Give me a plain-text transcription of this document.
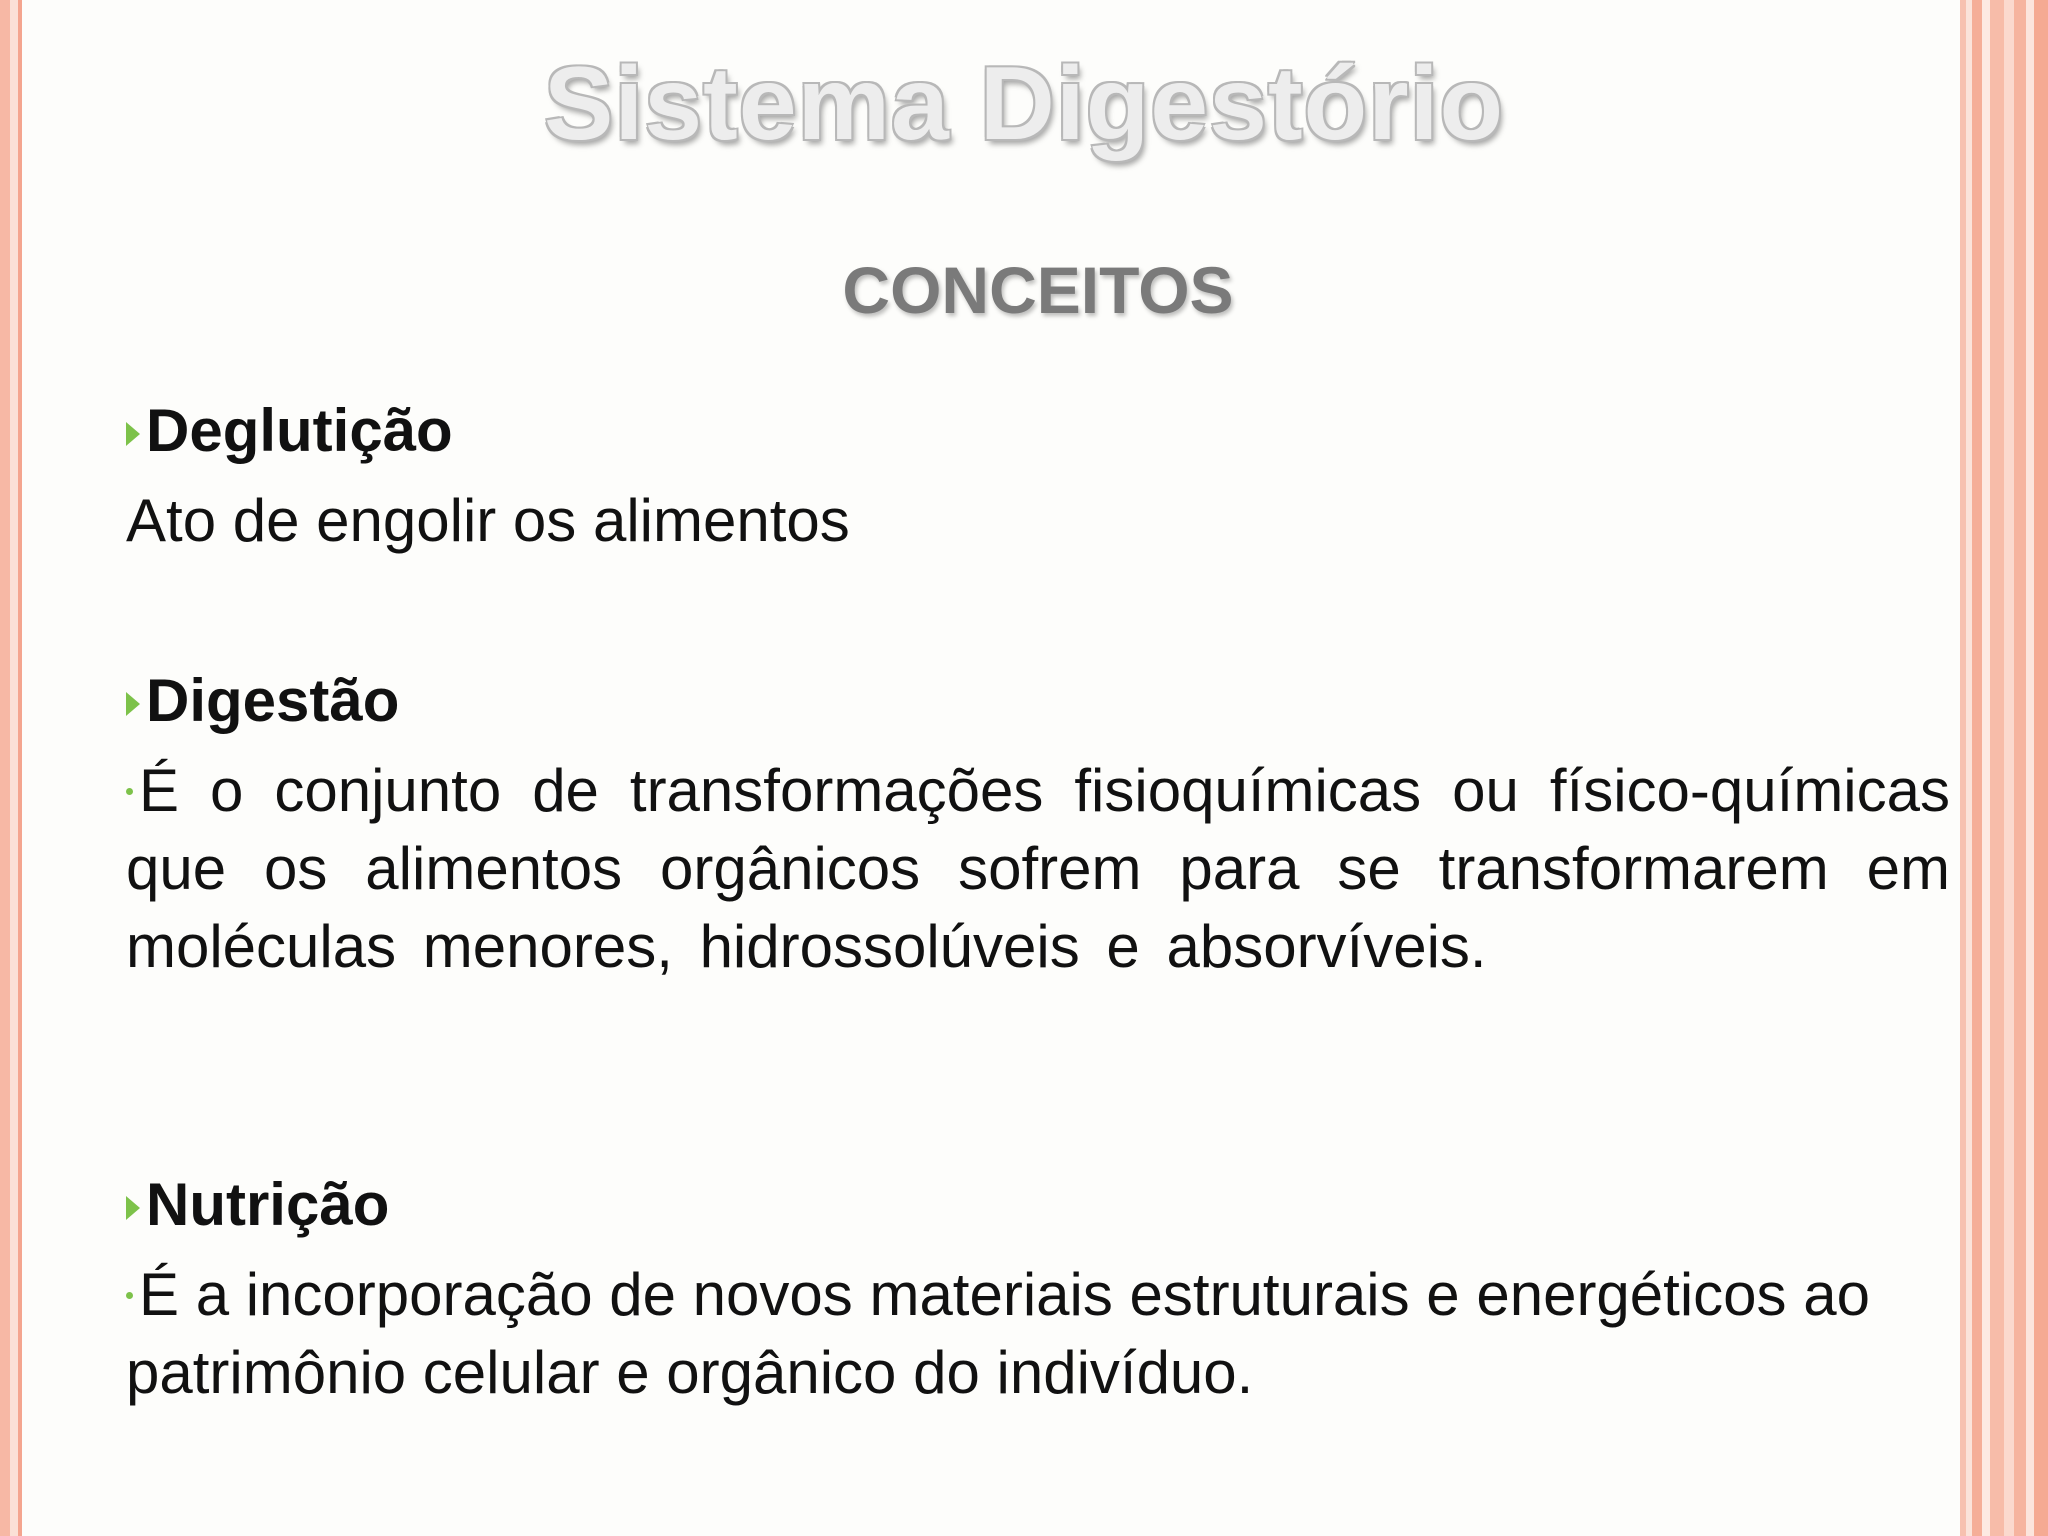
Sistema Digestório
CONCEITOS
Deglutição
Ato de engolir os alimentos
Digestão
É o conjunto de transformações fisioquímicas ou físico-químicas que os alimentos orgânicos sofrem para se transformarem em moléculas menores, hidrossolúveis e absorvíveis.
Nutrição
É a incorporação de novos materiais estruturais e energéticos ao patrimônio celular e orgânico do indivíduo.
